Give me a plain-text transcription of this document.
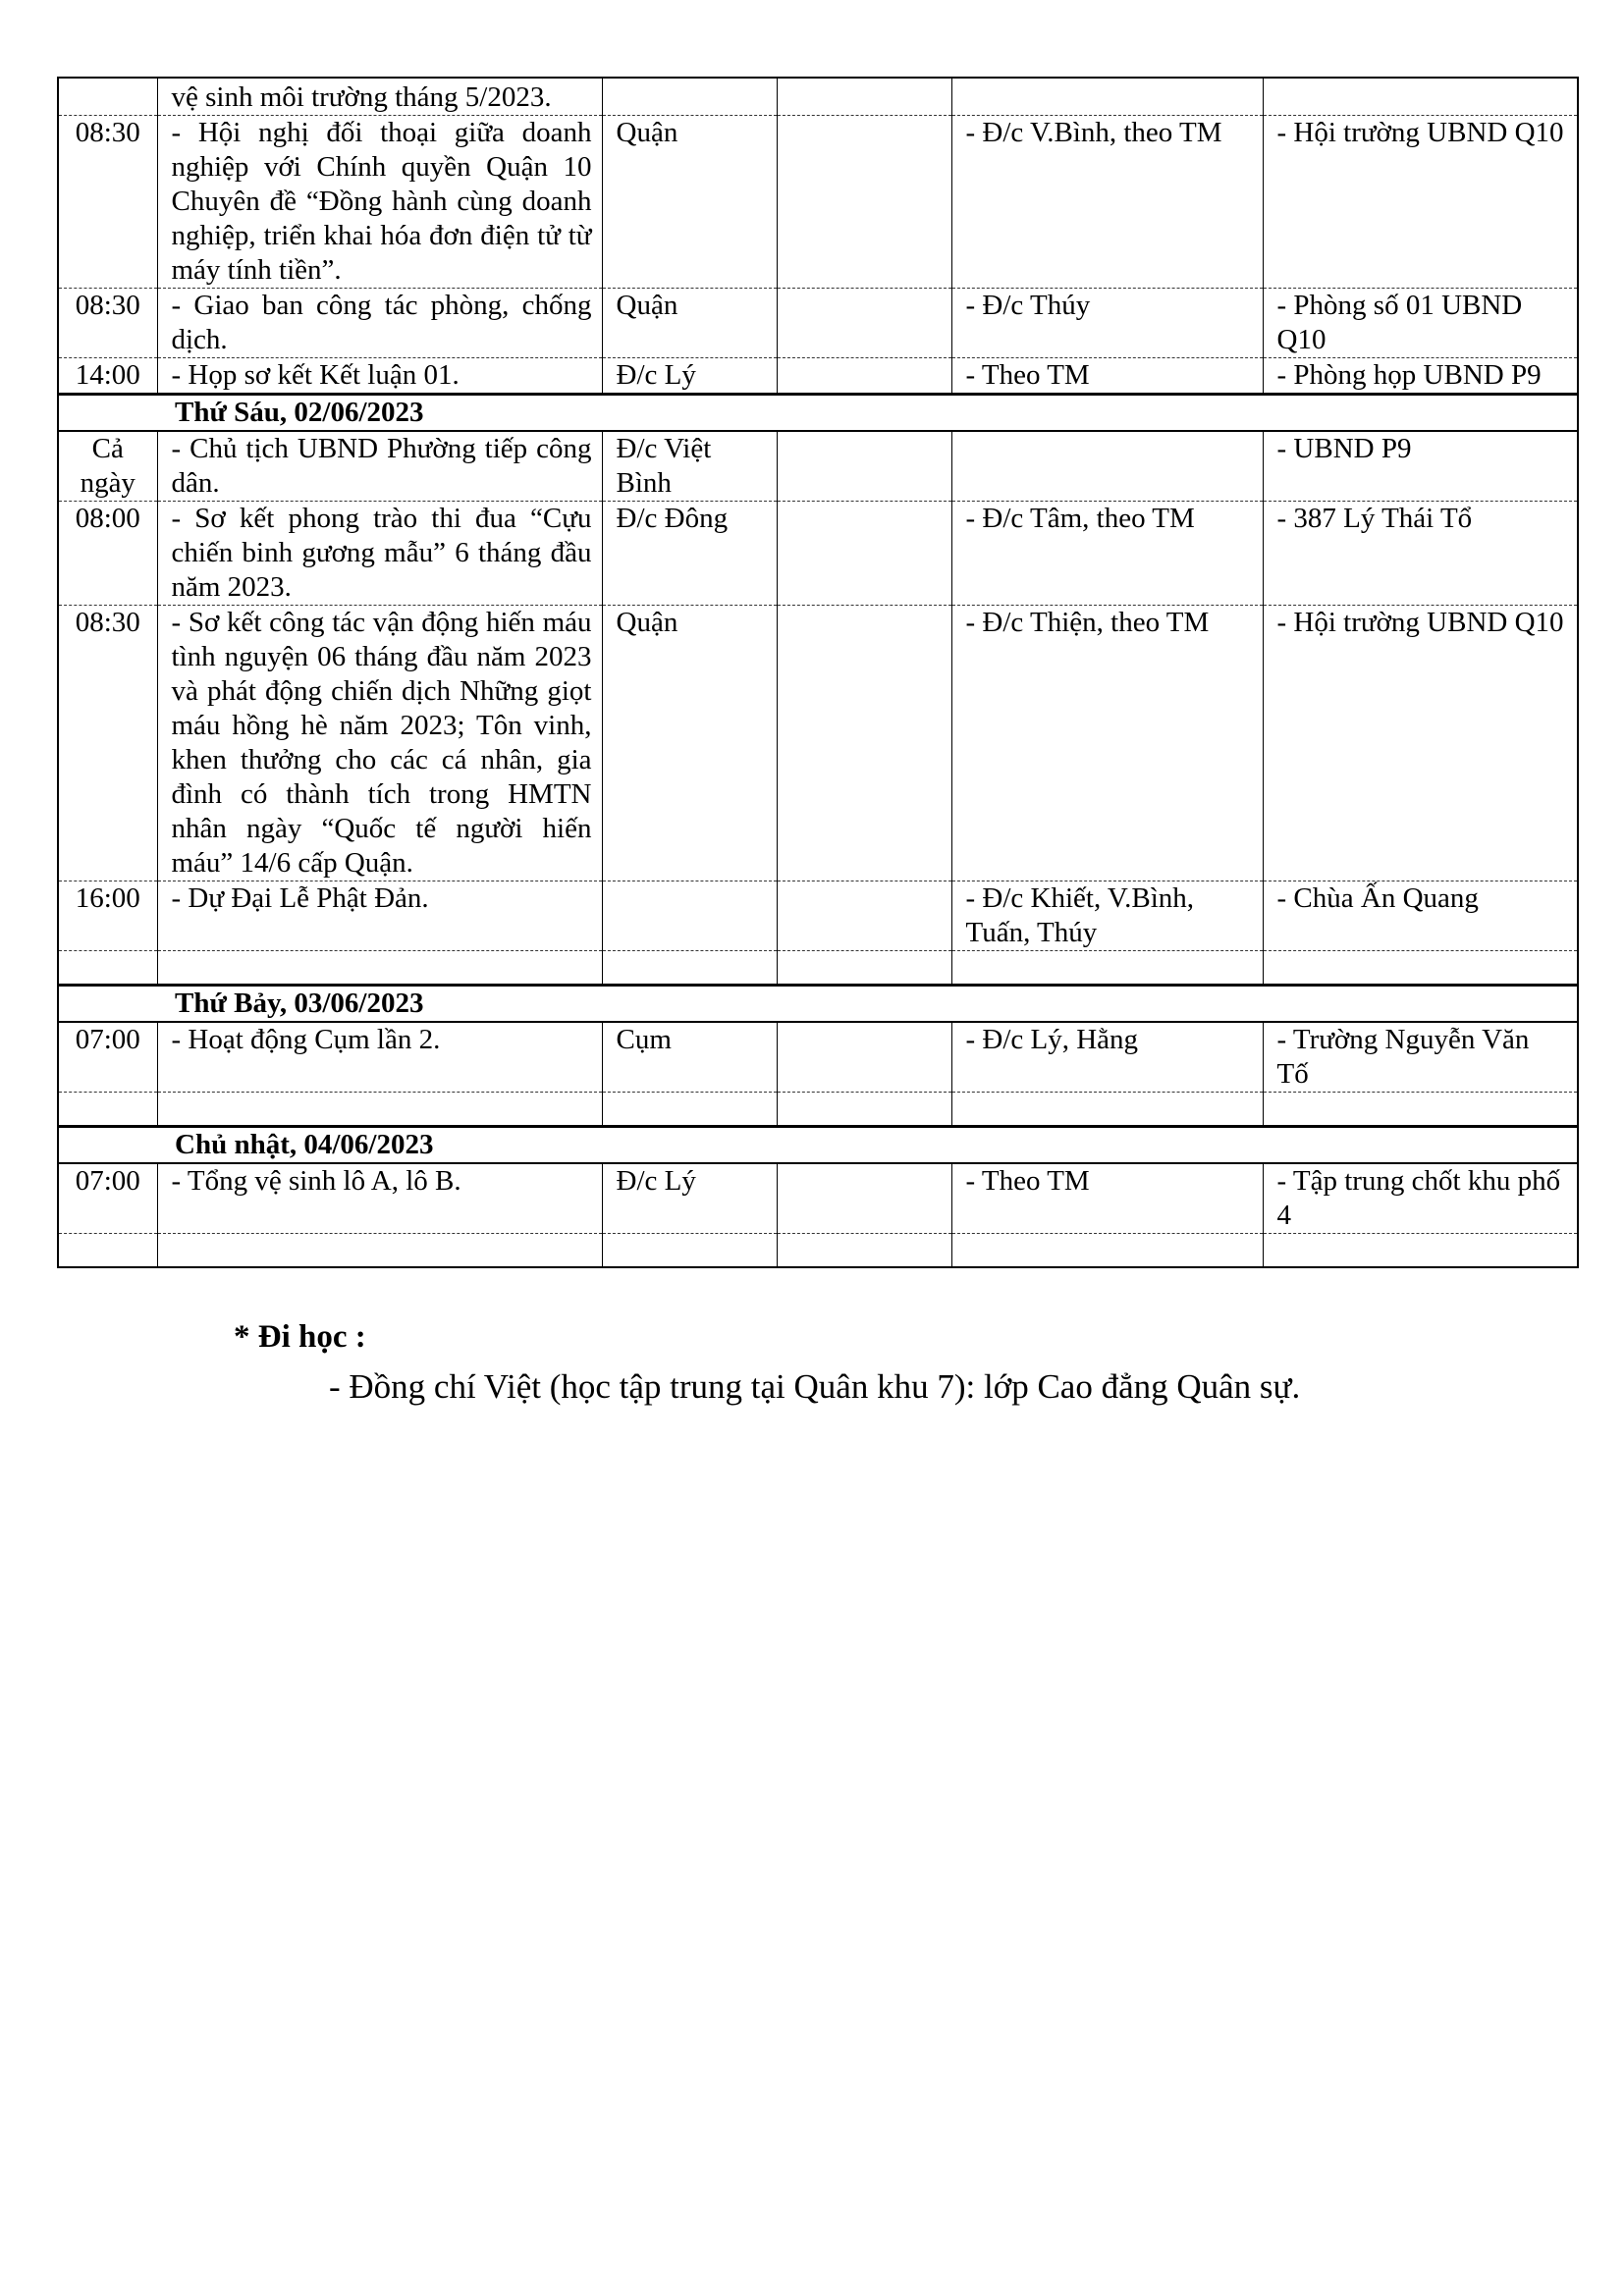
	vệ sinh môi trường tháng 5/2023.				
08:30	- Hội nghị đối thoại giữa doanh nghiệp với Chính quyền Quận 10 Chuyên đề “Đồng hành cùng doanh nghiệp, triển khai hóa đơn điện tử từ máy tính tiền”.	Quận		- Đ/c V.Bình, theo TM	- Hội trường UBND Q10
08:30	- Giao ban công tác phòng, chống dịch.	Quận		- Đ/c Thúy	- Phòng số 01 UBND Q10
14:00	- Họp sơ kết Kết luận 01.	Đ/c Lý		- Theo TM	- Phòng họp UBND P9
Thứ Sáu, 02/06/2023					
Cả ngày	- Chủ tịch UBND Phường tiếp công dân.	Đ/c Việt Bình			- UBND P9
08:00	- Sơ kết phong trào thi đua “Cựu chiến binh gương mẫu” 6 tháng đầu năm 2023.	Đ/c Đông		- Đ/c Tâm, theo TM	- 387 Lý Thái Tổ
08:30	- Sơ kết công tác vận động hiến máu tình nguyện 06 tháng đầu năm 2023 và phát động chiến dịch Những giọt máu hồng hè năm 2023; Tôn vinh, khen thưởng cho các cá nhân, gia đình có thành tích trong HMTN nhân ngày “Quốc tế người hiến máu” 14/6 cấp Quận.	Quận		- Đ/c Thiện, theo TM	- Hội trường UBND Q10
16:00	- Dự Đại Lễ Phật Đản.			- Đ/c Khiết, V.Bình, Tuấn, Thúy	- Chùa Ấn Quang

Thứ Bảy, 03/06/2023					
07:00	- Hoạt động Cụm lần 2.	Cụm		- Đ/c Lý, Hằng	- Trường Nguyễn Văn Tố

Chủ nhật, 04/06/2023					
07:00	- Tổng vệ sinh lô A, lô B.	Đ/c Lý		- Theo TM	- Tập trung chốt khu phố 4

* Đi học :
- Đồng chí Việt (học tập trung tại Quân khu 7): lớp Cao đẳng Quân sự.
